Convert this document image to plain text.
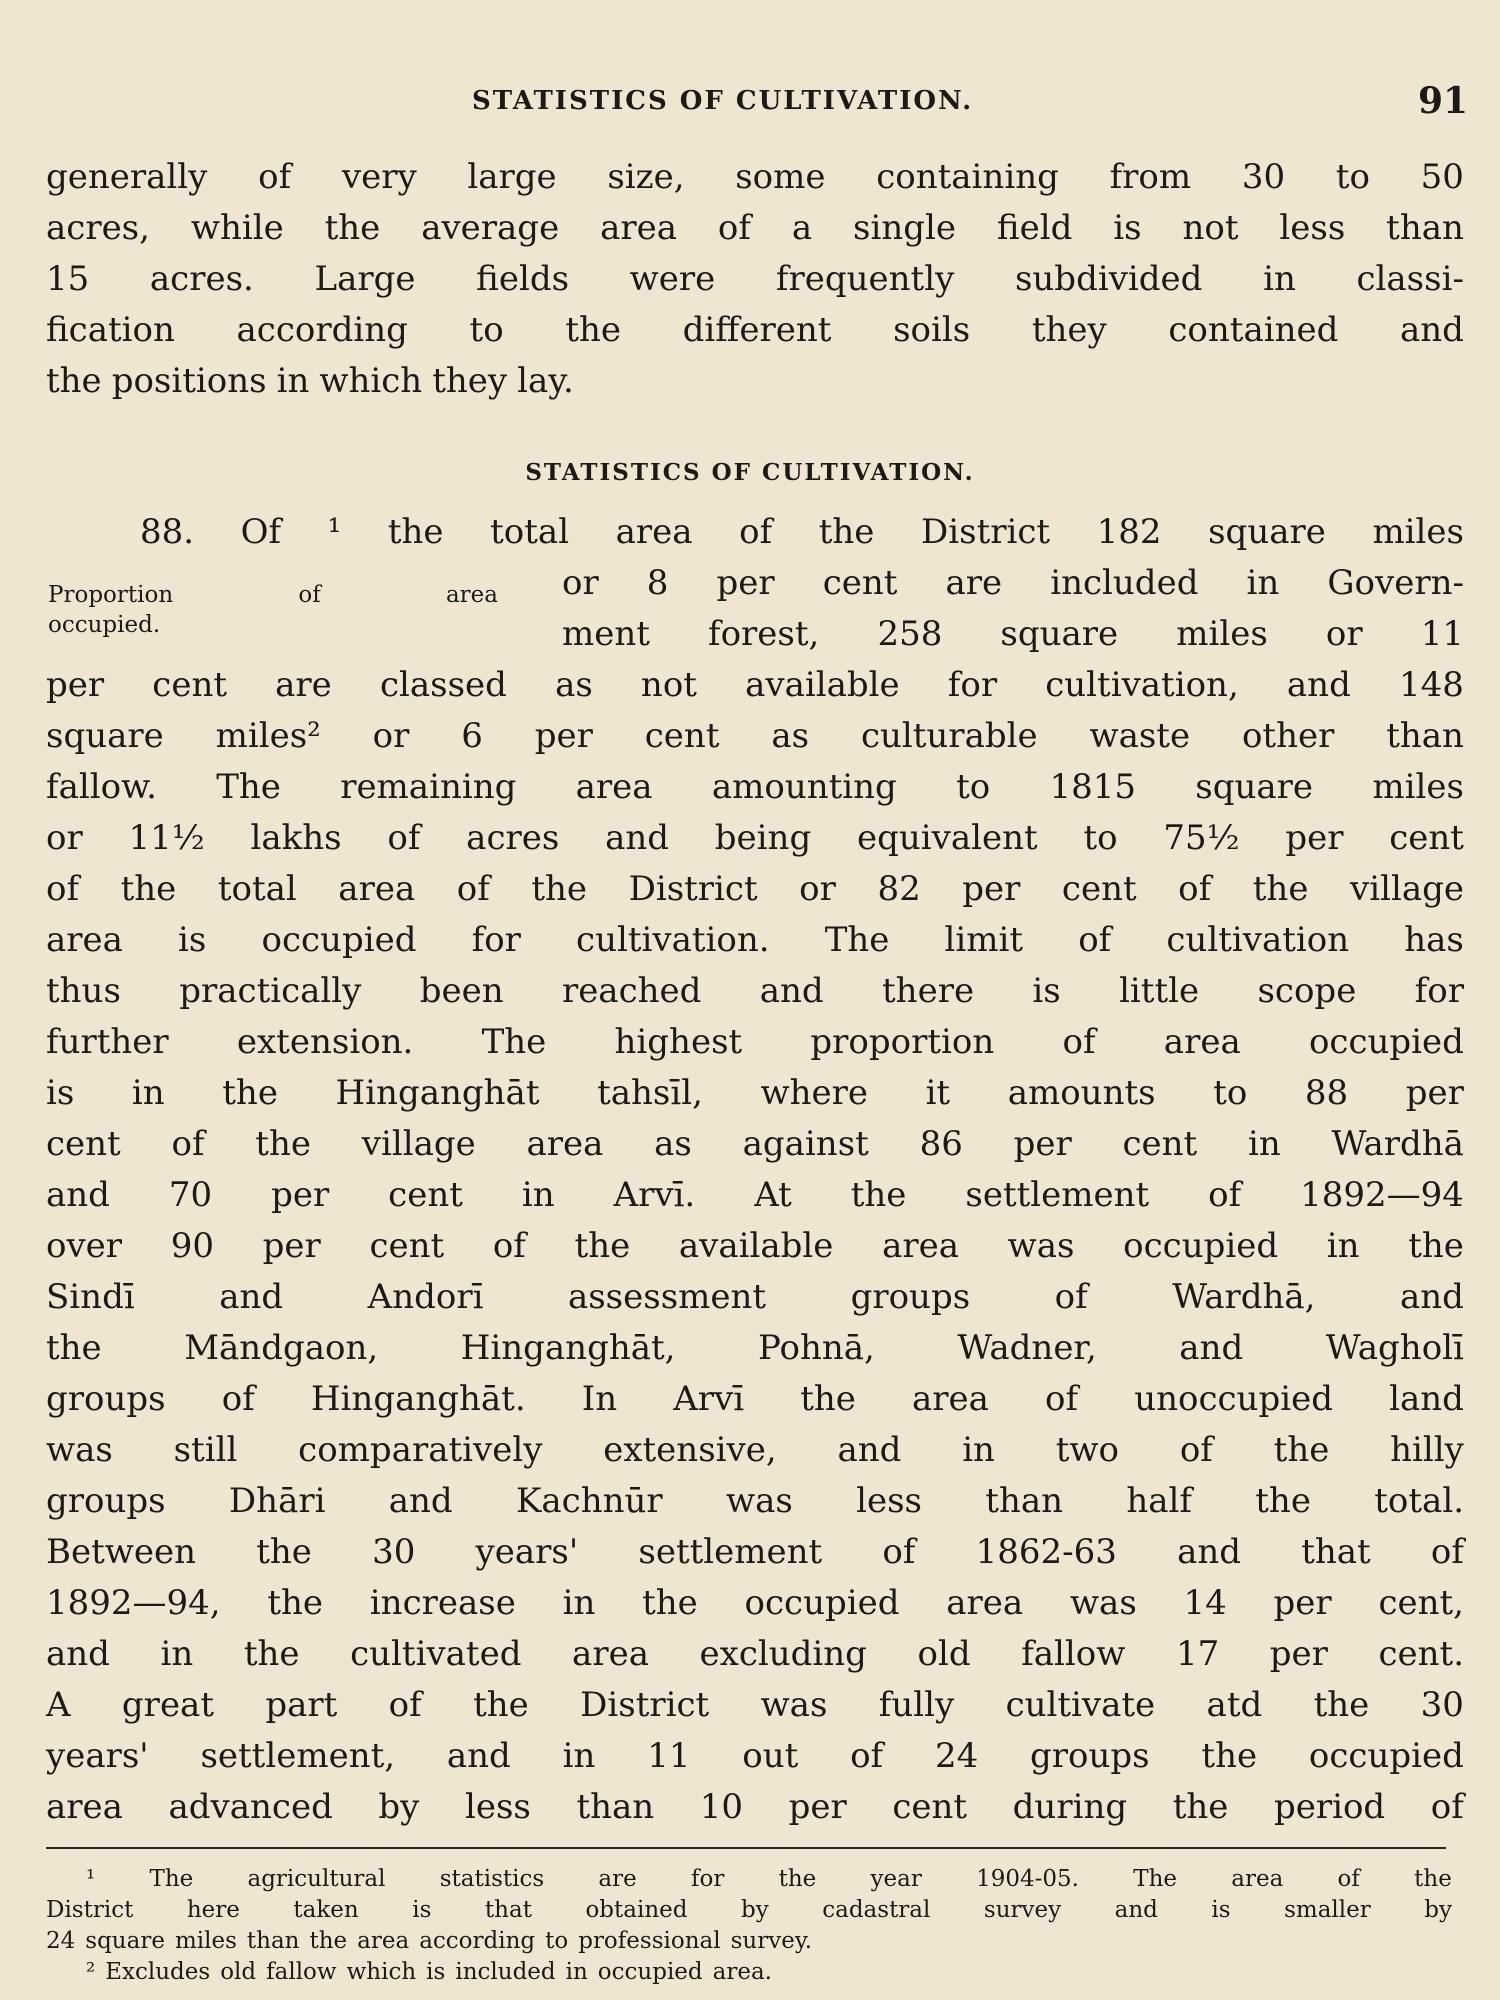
STATISTICS OF CULTIVATION.	91
generally of very large size, some containing from 30 to 50
acres, while the average area of a single field is not less than
15 acres. Large fields were frequently subdivided in classi-
fication according to the different soils they contained and
the positions in which they lay.
STATISTICS OF CULTIVATION.
88. Of ¹ the total area of the District 182 square miles
Proportion	of	area
occupied.
or 8 per cent are included in Govern-
ment forest, 258 square miles or 11
per cent are classed as not available for cultivation, and 148
square miles² or 6 per cent as culturable waste other than
fallow. The remaining area amounting to 1815 square miles
or 11½ lakhs of acres and being equivalent to 75½ per cent
of the total area of the District or 82 per cent of the village
area is occupied for cultivation. The limit of cultivation has
thus practically been reached and there is little scope for
further extension. The highest proportion of area occupied
is in the Hinganghāt tahsīl, where it amounts to 88 per
cent of the village area as against 86 per cent in Wardhā
and 70 per cent in Arvī. At the settlement of 1892—94
over 90 per cent of the available area was occupied in the
Sindī and Andorī assessment groups of Wardhā, and
the Māndgaon, Hinganghāt, Pohnā, Wadner, and Wagholī
groups of Hinganghāt. In Arvī the area of unoccupied land
was still comparatively extensive, and in two of the hilly
groups Dhāri and Kachnūr was less than half the total.
Between the 30 years' settlement of 1862-63 and that of
1892—94, the increase in the occupied area was 14 per cent,
and in the cultivated area excluding old fallow 17 per cent.
A great part of the District was fully cultivate atd the 30
years' settlement, and in 11 out of 24 groups the occupied
area advanced by less than 10 per cent during the period of
¹ The agricultural statistics are for the year 1904-05. The area of the
District here taken is that obtained by cadastral survey and is smaller by
24 square miles than the area according to professional survey.
² Excludes old fallow which is included in occupied area.
